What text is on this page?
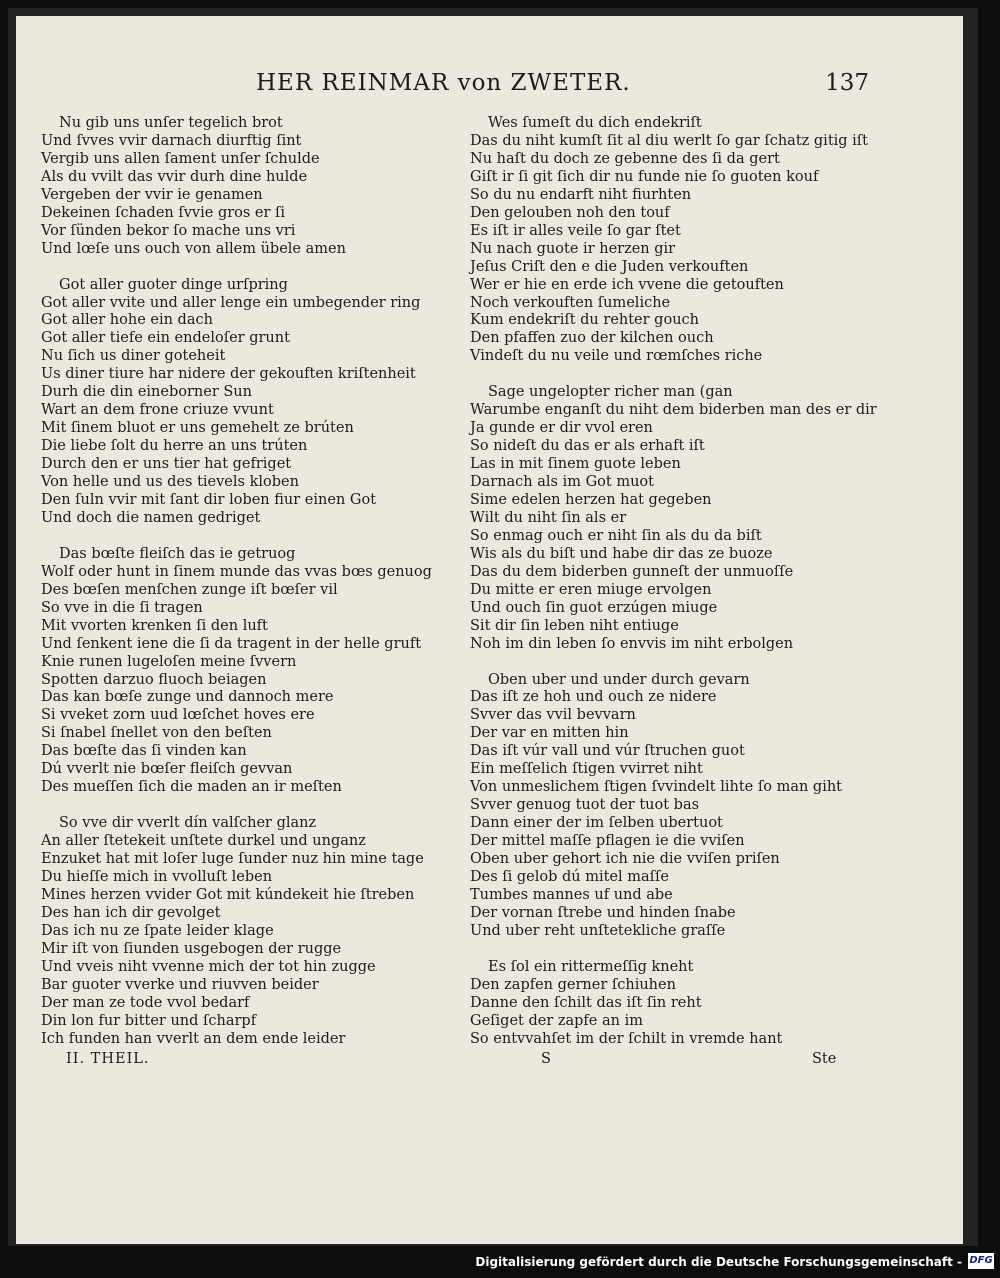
HER REINMAR von ZWETER.	137
Nu gib uns unſer tegelich brot
Und ſvves vvir darnach diurftig ſint
Vergib uns allen ſament unſer ſchulde
Als du vvilt das vvir durh dine hulde
Vergeben der vvir ie genamen
Dekeinen ſchaden ſvvie gros er ſi
Vor ſünden bekor ſo mache uns vri
Und lœſe uns ouch von allem übele amen
Got aller guoter dinge urſpring
Got aller vvite und aller lenge ein umbegender ring
Got aller hohe ein dach
Got aller tiefe ein endeloſer grunt
Nu ſich us diner goteheit
Us diner tiure har nidere der gekouften kriſtenheit
Durh die din eineborner Sun
Wart an dem frone criuze vvunt
Mit ſinem bluot er uns gemehelt ze brúten
Die liebe ſolt du herre an uns trúten
Durch den er uns tier hat gefriget
Von helle und us des tievels kloben
Den ſuln vvir mit ſant dir loben fiur einen Got
Und doch die namen gedriget
Das bœſte fleiſch das ie getruog
Wolf oder hunt in ſinem munde das vvas bœs genuog
Des bœſen menſchen zunge iſt bœſer vil
So vve in die ſi tragen
Mit vvorten krenken ſi den luft
Und ſenkent iene die ſi da tragent in der helle gruft
Knie runen lugeloſen meine ſvvern
Spotten darzuo fluoch beiagen
Das kan bœſe zunge und dannoch mere
Si vveket zorn uud lœſchet hoves ere
Si ſnabel ſnellet von den beſten
Das bœſte das ſi vinden kan
Dú vverlt nie bœſer fleiſch gevvan
Des mueſſen ſich die maden an ir meſten
So vve dir vverlt dín valſcher glanz
An aller ſtetekeit unſtete durkel und unganz
Enzuket hat mit loſer luge ſunder nuz hin mine tage
Du hieſſe mich in vvolluſt leben
Mines herzen vvider Got mit kúndekeit hie ſtreben
Des han ich dir gevolget
Das ich nu ze ſpate leider klage
Mir iſt von ſiunden usgebogen der rugge
Und vveis niht vvenne mich der tot hin zugge
Bar guoter vverke und riuvven beider
Der man ze tode vvol bedarf
Din lon fur bitter und ſcharpf
Ich funden han vverlt an dem ende leider
Wes ſumeſt du dich endekriſt
Das du niht kumſt ſit al diu werlt ſo gar ſchatz gitig iſt
Nu haſt du doch ze gebenne des ſi da gert
Giſt ir ſi git ſich dir nu funde nie ſo guoten kouf
So du nu endarft niht fiurhten
Den gelouben noh den touf
Es iſt ir alles veile ſo gar ſtet
Nu nach guote ir herzen gir
Jeſus Criſt den e die Juden verkouften
Wer er hie en erde ich vvene die getouften
Noch verkouften ſumeliche
Kum endekriſt du rehter gouch
Den pfaffen zuo der kilchen ouch
Vindeſt du nu veile und rœmſches riche
Sage ungelopter richer man (gan
Warumbe enganſt du niht dem biderben man des er dir
Ja gunde er dir vvol eren
So nideſt du das er als erhaft iſt
Las in mit ſinem guote leben
Darnach als im Got muot
Sime edelen herzen hat gegeben
Wilt du niht ſin als er
So enmag ouch er niht ſin als du da biſt
Wis als du biſt und habe dir das ze buoze
Das du dem biderben gunneſt der unmuoſſe
Du mitte er eren miuge ervolgen
Und ouch ſin guot erzúgen miuge
Sit dir ſin leben niht entiuge
Noh im din leben ſo envvis im niht erbolgen
Oben uber und under durch gevarn
Das iſt ze hoh und ouch ze nidere
Svver das vvil bevvarn
Der var en mitten hin
Das iſt vúr vall und vúr ſtruchen guot
Ein meſſelich ſtigen vvirret niht
Von unmeslichem ſtigen ſvvindelt lihte ſo man giht
Svver genuog tuot der tuot bas
Dann einer der im ſelben ubertuot
Der mittel maſſe pflagen ie die vviſen
Oben uber gehort ich nie die vviſen priſen
Des ſi gelob dú mitel maſſe
Tumbes mannes uf und abe
Der vornan ſtrebe und hinden ſnabe
Und uber reht unſtetekliche graſſe
Es ſol ein rittermeſſig kneht
Den zapfen gerner ſchiuhen
Danne den ſchilt das iſt ſin reht
Geſiget der zapfe an im
So entvvahſet im der ſchilt in vremde hant
II. THEIL.	S	Ste
Digitalisierung gefördert durch die Deutsche Forschungsgemeinschaft - DFG
